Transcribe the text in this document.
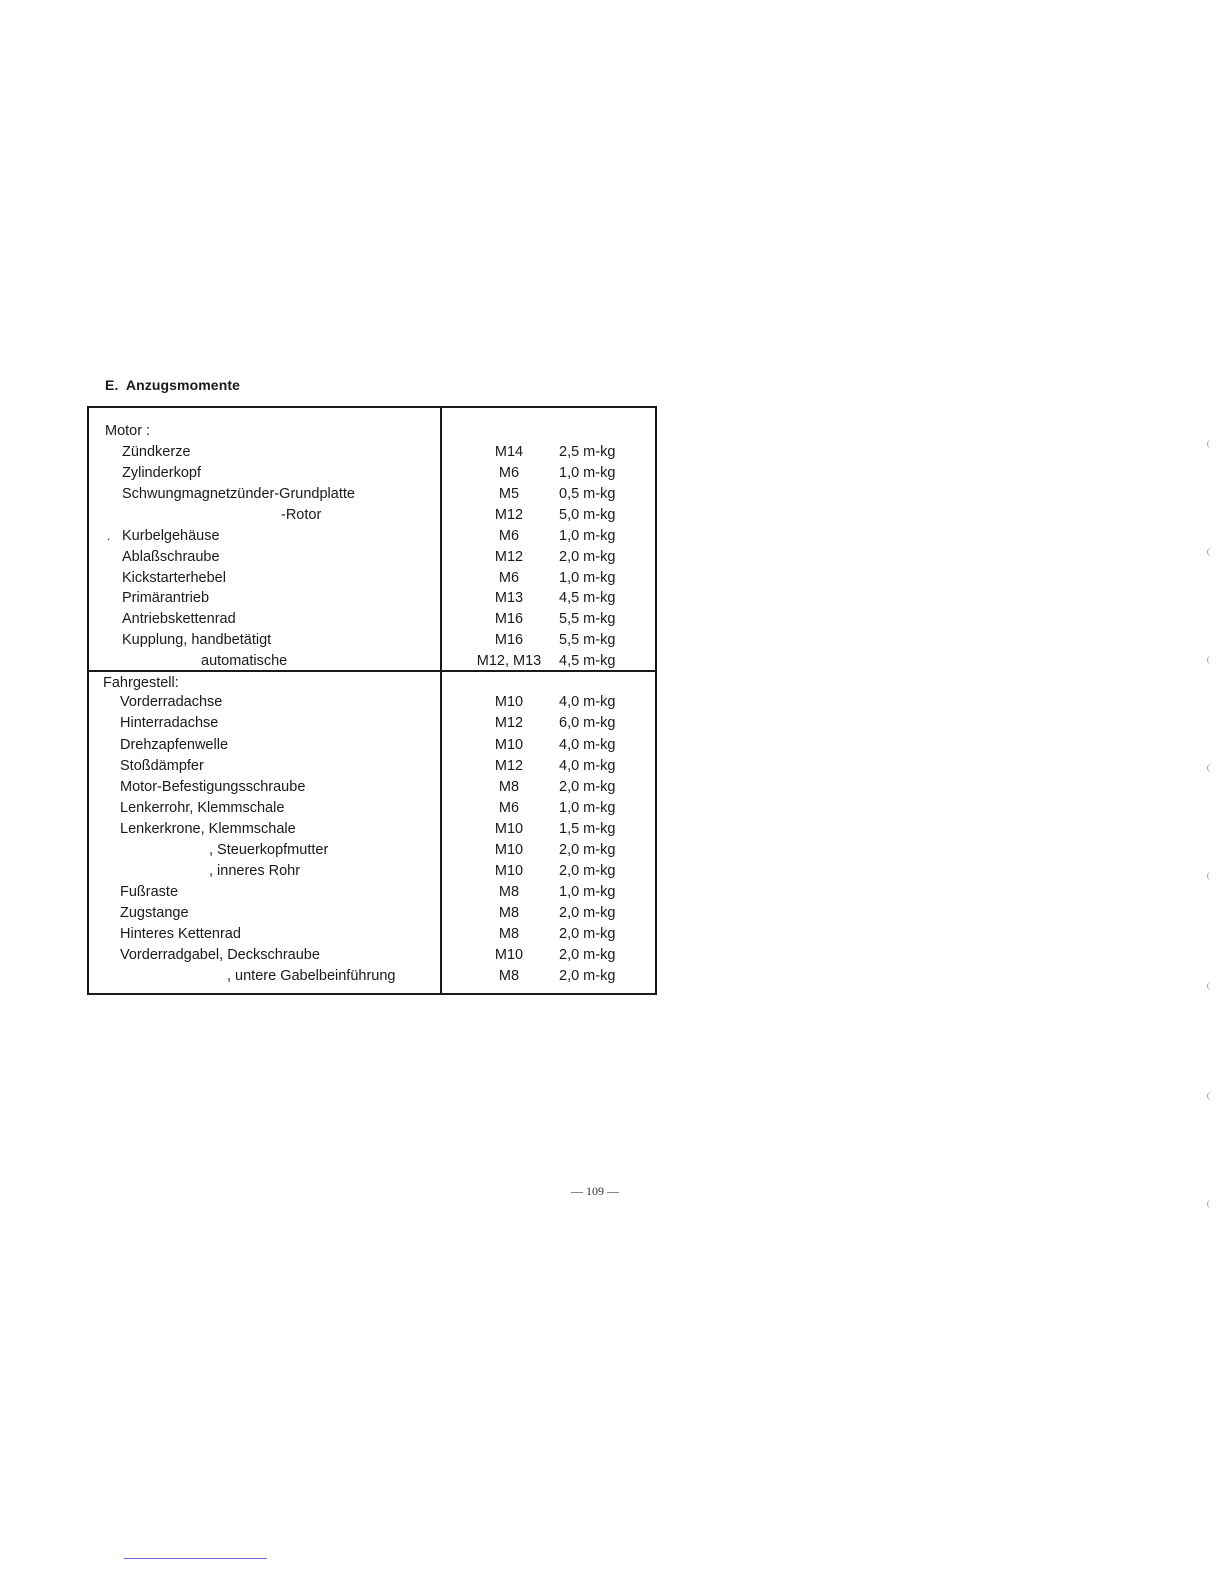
E. Anzugsmomente
Motor :
Zündkerze	M14	2,5 m-kg
Zylinderkopf	M6	1,0 m-kg
Schwungmagnetzünder-Grundplatte	M5	0,5 m-kg
-Rotor	M12	5,0 m-kg
. Kurbelgehäuse	M6	1,0 m-kg
Ablaßschraube	M12	2,0 m-kg
Kickstarterhebel	M6	1,0 m-kg
Primärantrieb	M13	4,5 m-kg
Antriebskettenrad	M16	5,5 m-kg
Kupplung, handbetätigt	M16	5,5 m-kg
automatische	M12, M13	4,5 m-kg
Fahrgestell:
Vorderradachse	M10	4,0 m-kg
Hinterradachse	M12	6,0 m-kg
Drehzapfenwelle	M10	4,0 m-kg
Stoßdämpfer	M12	4,0 m-kg
Motor-Befestigungsschraube	M8	2,0 m-kg
Lenkerrohr, Klemmschale	M6	1,0 m-kg
Lenkerkrone, Klemmschale	M10	1,5 m-kg
, Steuerkopfmutter	M10	2,0 m-kg
, inneres Rohr	M10	2,0 m-kg
Fußraste	M8	1,0 m-kg
Zugstange	M8	2,0 m-kg
Hinteres Kettenrad	M8	2,0 m-kg
Vorderradgabel, Deckschraube	M10	2,0 m-kg
, untere Gabelbeinführung	M8	2,0 m-kg
— 109 —
